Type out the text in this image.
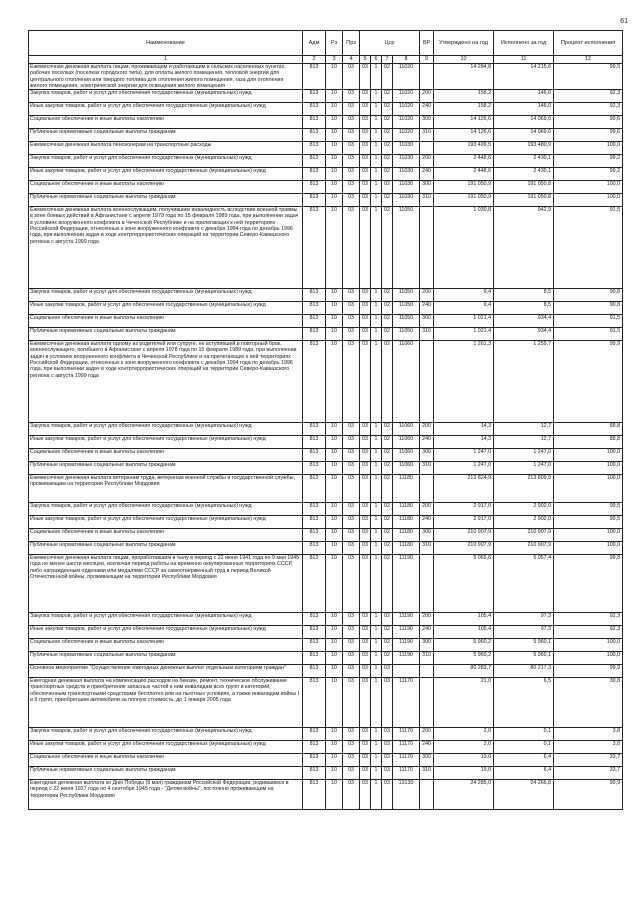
61
Наименование	Адм	Рз	Прз	Цср				ВР	Утверждено на год	Исполнено за год	Процент исполнения
1	2	3	4	5	6	7	8	9	10	11	12
Ежемесячная денежная выплата лицам, проживающим и работающим в сельских населенных пунктах, рабочих поселках (поселках городского типа), для оплаты жилого помещения, тепловой энергии для центрального отопления или твердого топлива для отопления жилого помещения, газа для отопления жилого помещения, электрической энергии для освещения жилого помещения	813	10	03	03	1	02	11020		14 284,8	14 215,6	99,5
Закупка товаров, работ и услуг для обеспечения государственных (муниципальных) нужд	813	10	03	03	1	02	11020	200	158,2	146,0	92,3
Иные закупки товаров, работ и услуг для обеспечения государственных (муниципальных) нужд	813	10	03	03	1	02	11020	240	158,2	146,0	92,3
Социальное обеспечение и иные выплаты населению	813	10	03	03	1	02	11020	300	14 126,6	14 069,6	99,6
Публичные нормативные социальные выплаты гражданам	813	10	03	03	1	02	11020	310	14 126,6	14 069,6	99,6
Ежемесячная денежная выплата пенсионерам на транспортные расходы	813	10	03	03	1	02	11030		193 499,5	193 480,9	100,0
Закупка товаров, работ и услуг для обеспечения государственных (муниципальных) нужд	813	10	03	03	1	02	11030	200	2 448,6	2 430,1	99,2
Иные закупки товаров, работ и услуг для обеспечения государственных (муниципальных) нужд	813	10	03	03	1	02	11030	240	2 448,6	2 430,1	99,2
Социальное обеспечение и иные выплаты населению	813	10	03	03	1	02	11030	300	191 050,9	191 050,8	100,0
Публичные нормативные социальные выплаты гражданам	813	10	03	03	1	02	11030	310	191 050,9	191 050,8	100,0
Ежемесячная денежная выплата военнослужащим, получившим инвалидность вследствие военной травмы в зоне боевых действий в Афганистане с апреля 1978 года по 15 февраля 1989 года, при выполнении задач в условиях вооруженного конфликта в Чеченской Республике и на прилегающих к ней территориях Российской Федерации, отнесенных к зоне вооруженного конфликта с декабря 1994 года по декабрь 1996 года, при выполнении задач в ходе контртеррористических операций на территории Северо-Кавказского региона с августа 1999 года	813	10	03	03	1	02	11050		1 030,8	942,9	91,5
Закупка товаров, работ и услуг для обеспечения государственных (муниципальных) нужд	813	10	03	03	1	02	11050	200	9,4	8,5	90,8
Иные закупки товаров, работ и услуг для обеспечения государственных (муниципальных) нужд	813	10	03	03	1	02	11050	240	9,4	8,5	90,8
Социальное обеспечение и иные выплаты населению	813	10	03	03	1	02	11050	300	1 021,4	934,4	91,5
Публичные нормативные социальные выплаты гражданам	813	10	03	03	1	02	11050	310	1 021,4	934,4	91,5
Ежемесячная денежная выплата одному из родителей или супруге, не вступившей в повторный брак, военнослужащего, погибшего в Афганистане с апреля 1978 года по 15 февраля 1989 года, при выполнении задач в условиях вооруженного конфликта в Чеченской Республике и на прилегающих к ней территориях Российской Федерации, отнесенных к зоне вооруженного конфликта с декабря 1994 года по декабрь 1996 года, при выполнении задач в ходе контртеррористических операций на территории Северо-Кавказского региона с августа 1999 года	813	10	03	03	1	02	11060		1 261,3	1 259,7	99,9
Закупка товаров, работ и услуг для обеспечения государственных (муниципальных) нужд	813	10	03	03	1	02	11060	200	14,3	12,7	88,8
Иные закупки товаров, работ и услуг для обеспечения государственных (муниципальных) нужд	813	10	03	03	1	02	11060	240	14,3	12,7	88,8
Социальное обеспечение и иные выплаты населению	813	10	03	03	1	02	11060	300	1 247,0	1 247,0	100,0
Публичные нормативные социальные выплаты гражданам	813	10	03	03	1	02	11060	310	1 247,0	1 247,0	100,0
Ежемесячная денежная выплата ветеранам труда, ветеранам военной службы и государственной службы, проживающим на территории Республики Мордовия	813	10	03	03	1	02	11180		213 824,9	213 809,9	100,0
Закупка товаров, работ и услуг для обеспечения государственных (муниципальных) нужд	813	10	03	03	1	02	11180	200	2 917,0	2 902,0	99,5
Иные закупки товаров, работ и услуг для обеспечения государственных (муниципальных) нужд	813	10	03	03	1	02	11180	240	2 917,0	2 902,0	99,5
Социальное обеспечение и иные выплаты населению	813	10	03	03	1	02	11180	300	210 907,9	210 907,9	100,0
Публичные нормативные социальные выплаты гражданам	813	10	03	03	1	02	11180	310	210 907,9	210 907,9	100,0
Ежемесячная денежная выплата лицам, проработавшим в тылу в период с 22 июня 1941 года по 9 мая 1945 года не менее шести месяцев, исключая период работы на временно оккупированных территориях СССР, либо награжденным орденами или медалями СССР за самоотверженный труд в период Великой Отечественной войны, проживающим на территории Республики Мордовия	813	10	03	03	1	02	11190		5 065,6	5 057,4	99,8
Закупка товаров, работ и услуг для обеспечения государственных (муниципальных) нужд	813	10	03	03	1	02	11190	200	105,4	97,3	92,3
Иные закупки товаров, работ и услуг для обеспечения государственных (муниципальных) нужд	813	10	03	03	1	02	11190	240	105,4	97,3	92,3
Социальное обеспечение и иные выплаты населению	813	10	03	03	1	02	11190	300	5 960,2	5 960,1	100,0
Публичные нормативные социальные выплаты гражданам	813	10	03	03	1	02	11190	310	5 960,2	5 960,1	100,0
Основное мероприятие "Осуществление ежегодных денежных выплат отдельным категориям граждан"	813	10	03	03	1	03			80 283,7	80 217,3	99,9
Ежегодная денежная выплата на компенсацию расходов на бензин, ремонт, техническое обслуживание транспортных средств и приобретение запасных частей к ним инвалидам всех групп и категорий, обеспеченным транспортными средствами бесплатно или на льготных условиях, а также инвалидам войны I и II групп, приобретшим автомобили за полную стоимость, до 1 января 2005 года	813	10	03	03	1	03	11170		21,0	6,5	30,8
Закупка товаров, работ и услуг для обеспечения государственных (муниципальных) нужд	813	10	03	03	1	03	11170	200	2,0	0,1	3,8
Иные закупки товаров, работ и услуг для обеспечения государственных (муниципальных) нужд	813	10	03	03	1	03	11170	240	2,0	0,1	3,8
Социальное обеспечение и иные выплаты населению	813	10	03	03	1	03	11170	300	19,0	6,4	33,7
Публичные нормативные социальные выплаты гражданам	813	10	03	03	1	03	11170	310	19,0	6,4	33,7
Ежегодная денежная выплата ко Дню Победы (9 мая) гражданам Российской Федерации, родившимся в период с 22 июня 1927 года по 4 сентября 1945 года - "Детям войны", постоянно проживающим на территории Республики Мордовия	813	10	03	03	1	03	13130		24 285,0	24 266,8	99,9
